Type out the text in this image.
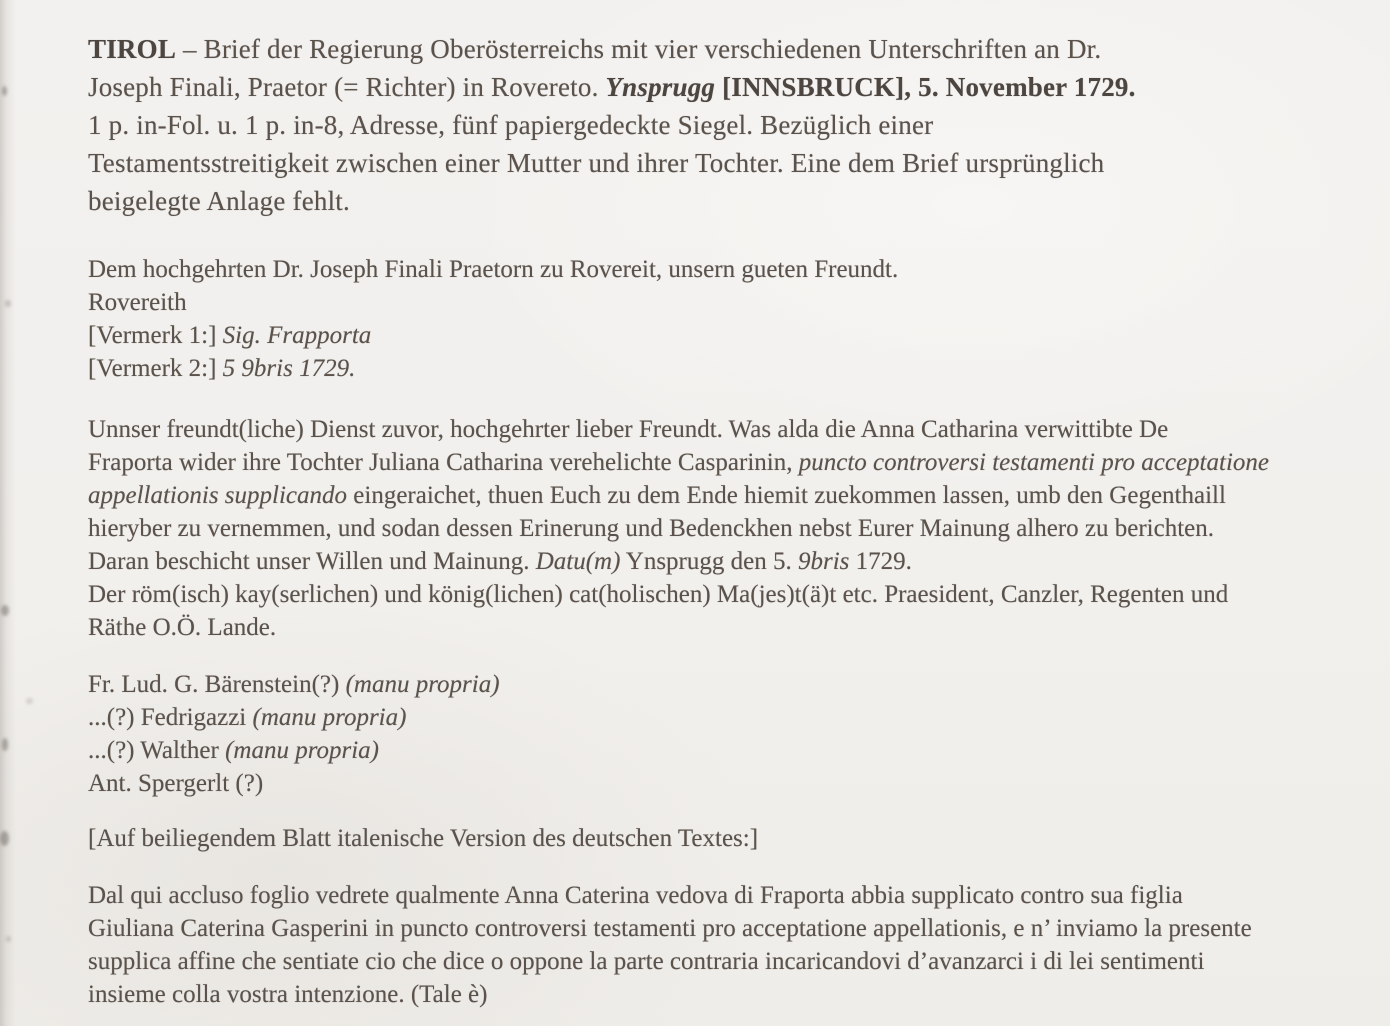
TIROL – Brief der Regierung Oberösterreichs mit vier verschiedenen Unterschriften an Dr.
Joseph Finali, Praetor (= Richter) in Rovereto. Ynsprugg [INNSBRUCK], 5. November 1729.
1 p. in-Fol. u. 1 p. in-8, Adresse, fünf papiergedeckte Siegel. Bezüglich einer
Testamentsstreitigkeit zwischen einer Mutter und ihrer Tochter. Eine dem Brief ursprünglich
beigelegte Anlage fehlt.
Dem hochgehrten Dr. Joseph Finali Praetorn zu Rovereit, unsern gueten Freundt.
Rovereith
[Vermerk 1:] Sig. Frapporta
[Vermerk 2:] 5 9bris 1729.
Unnser freundt(liche) Dienst zuvor, hochgehrter lieber Freundt. Was alda die Anna Catharina verwittibte De
Fraporta wider ihre Tochter Juliana Catharina verehelichte Casparinin, puncto controversi testamenti pro acceptatione
appellationis supplicando eingeraichet, thuen Euch zu dem Ende hiemit zuekommen lassen, umb den Gegenthaill
hieryber zu vernemmen, und sodan dessen Erinerung und Bedenckhen nebst Eurer Mainung alhero zu berichten.
Daran beschicht unser Willen und Mainung. Datu(m) Ynsprugg den 5. 9bris 1729.
Der röm(isch) kay(serlichen) und könig(lichen) cat(holischen) Ma(jes)t(ä)t etc. Praesident, Canzler, Regenten und
Räthe O.Ö. Lande.
Fr. Lud. G. Bärenstein(?) (manu propria)
...(?) Fedrigazzi (manu propria)
...(?) Walther (manu propria)
Ant. Spergerlt (?)
[Auf beiliegendem Blatt italenische Version des deutschen Textes:]
Dal qui accluso foglio vedrete qualmente Anna Caterina vedova di Fraporta abbia supplicato contro sua figlia
Giuliana Caterina Gasperini in puncto controversi testamenti pro acceptatione appellationis, e n’ inviamo la presente
supplica affine che sentiate cio che dice o oppone la parte contraria incaricandovi d’avanzarci i di lei sentimenti
insieme colla vostra intenzione. (Tale è)
